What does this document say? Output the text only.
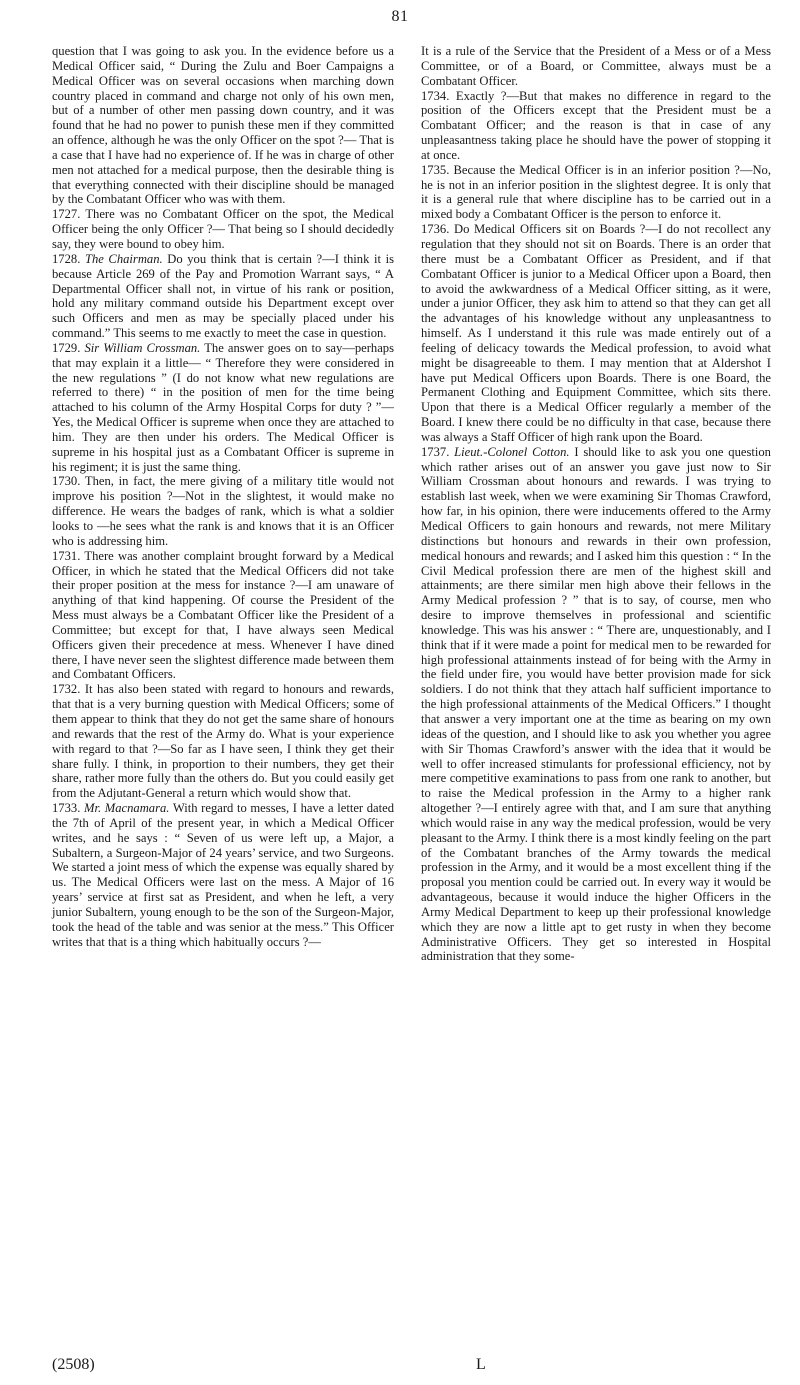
81

question that I was going to ask you. In the evidence before us a Medical Officer said, “ During the Zulu and Boer Campaigns a Medical Officer was on several occasions when marching down country placed in command and charge not only of his own men, but of a number of other men passing down country, and it was found that he had no power to punish these men if they committed an offence, although he was the only Officer on the spot ?— That is a case that I have had no experience of. If he was in charge of other men not attached for a medical purpose, then the desirable thing is that everything connected with their discipline should be managed by the Combatant Officer who was with them.

1727. There was no Combatant Officer on the spot, the Medical Officer being the only Officer ?— That being so I should decidedly say, they were bound to obey him.

1728. The Chairman. Do you think that is certain ?—I think it is because Article 269 of the Pay and Promotion Warrant says, “ A Departmental Officer shall not, in virtue of his rank or position, hold any military command outside his Department except over such Officers and men as may be specially placed under his command.” This seems to me exactly to meet the case in question.

1729. Sir William Crossman. The answer goes on to say—perhaps that may explain it a little— “ Therefore they were considered in the new regulations ” (I do not know what new regulations are referred to there) “ in the position of men for the time being attached to his column of the Army Hospital Corps for duty ? ”—Yes, the Medical Officer is supreme when once they are attached to him. They are then under his orders. The Medical Officer is supreme in his hospital just as a Combatant Officer is supreme in his regiment; it is just the same thing.

1730. Then, in fact, the mere giving of a military title would not improve his position ?—Not in the slightest, it would make no difference. He wears the badges of rank, which is what a soldier looks to —he sees what the rank is and knows that it is an Officer who is addressing him.

1731. There was another complaint brought forward by a Medical Officer, in which he stated that the Medical Officers did not take their proper position at the mess for instance ?—I am unaware of anything of that kind happening. Of course the President of the Mess must always be a Combatant Officer like the President of a Committee; but except for that, I have always seen Medical Officers given their precedence at mess. Whenever I have dined there, I have never seen the slightest difference made between them and Combatant Officers.

1732. It has also been stated with regard to honours and rewards, that that is a very burning question with Medical Officers; some of them appear to think that they do not get the same share of honours and rewards that the rest of the Army do. What is your experience with regard to that ?—So far as I have seen, I think they get their share fully. I think, in proportion to their numbers, they get their share, rather more fully than the others do. But you could easily get from the Adjutant-General a return which would show that.

1733. Mr. Macnamara. With regard to messes, I have a letter dated the 7th of April of the present year, in which a Medical Officer writes, and he says : “ Seven of us were left up, a Major, a Subaltern, a Surgeon-Major of 24 years’ service, and two Surgeons. We started a joint mess of which the expense was equally shared by us. The Medical Officers were last on the mess. A Major of 16 years’ service at first sat as President, and when he left, a very junior Subaltern, young enough to be the son of the Surgeon-Major, took the head of the table and was senior at the mess.” This Officer writes that that is a thing which habitually occurs ?—

It is a rule of the Service that the President of a Mess or of a Mess Committee, or of a Board, or Committee, always must be a Combatant Officer.

1734. Exactly ?—But that makes no difference in regard to the position of the Officers except that the President must be a Combatant Officer; and the reason is that in case of any unpleasantness taking place he should have the power of stopping it at once.

1735. Because the Medical Officer is in an inferior position ?—No, he is not in an inferior position in the slightest degree. It is only that it is a general rule that where discipline has to be carried out in a mixed body a Combatant Officer is the person to enforce it.

1736. Do Medical Officers sit on Boards ?—I do not recollect any regulation that they should not sit on Boards. There is an order that there must be a Combatant Officer as President, and if that Combatant Officer is junior to a Medical Officer upon a Board, then to avoid the awkwardness of a Medical Officer sitting, as it were, under a junior Officer, they ask him to attend so that they can get all the advantages of his knowledge without any unpleasantness to himself. As I understand it this rule was made entirely out of a feeling of delicacy towards the Medical profession, to avoid what might be disagreeable to them. I may mention that at Aldershot I have put Medical Officers upon Boards. There is one Board, the Permanent Clothing and Equipment Committee, which sits there. Upon that there is a Medical Officer regularly a member of the Board. I knew there could be no difficulty in that case, because there was always a Staff Officer of high rank upon the Board.

1737. Lieut.-Colonel Cotton. I should like to ask you one question which rather arises out of an answer you gave just now to Sir William Crossman about honours and rewards. I was trying to establish last week, when we were examining Sir Thomas Crawford, how far, in his opinion, there were inducements offered to the Army Medical Officers to gain honours and rewards, not mere Military distinctions but honours and rewards in their own profession, medical honours and rewards; and I asked him this question : “ In the Civil Medical profession there are men of the highest skill and attainments; are there similar men high above their fellows in the Army Medical profession ? ” that is to say, of course, men who desire to improve themselves in professional and scientific knowledge. This was his answer : “ There are, unquestionably, and I think that if it were made a point for medical men to be rewarded for high professional attainments instead of for being with the Army in the field under fire, you would have better provision made for sick soldiers. I do not think that they attach half sufficient importance to the high professional attainments of the Medical Officers.” I thought that answer a very important one at the time as bearing on my own ideas of the question, and I should like to ask you whether you agree with Sir Thomas Crawford’s answer with the idea that it would be well to offer increased stimulants for professional efficiency, not by mere competitive examinations to pass from one rank to another, but to raise the Medical profession in the Army to a higher rank altogether ?—I entirely agree with that, and I am sure that anything which would raise in any way the medical profession, would be very pleasant to the Army. I think there is a most kindly feeling on the part of the Combatant branches of the Army towards the medical profession in the Army, and it would be a most excellent thing if the proposal you mention could be carried out. In every way it would be advantageous, because it would induce the higher Officers in the Army Medical Department to keep up their professional knowledge which they are now a little apt to get rusty in when they become Administrative Officers. They get so interested in Hospital administration that they some-

(2508)	L
